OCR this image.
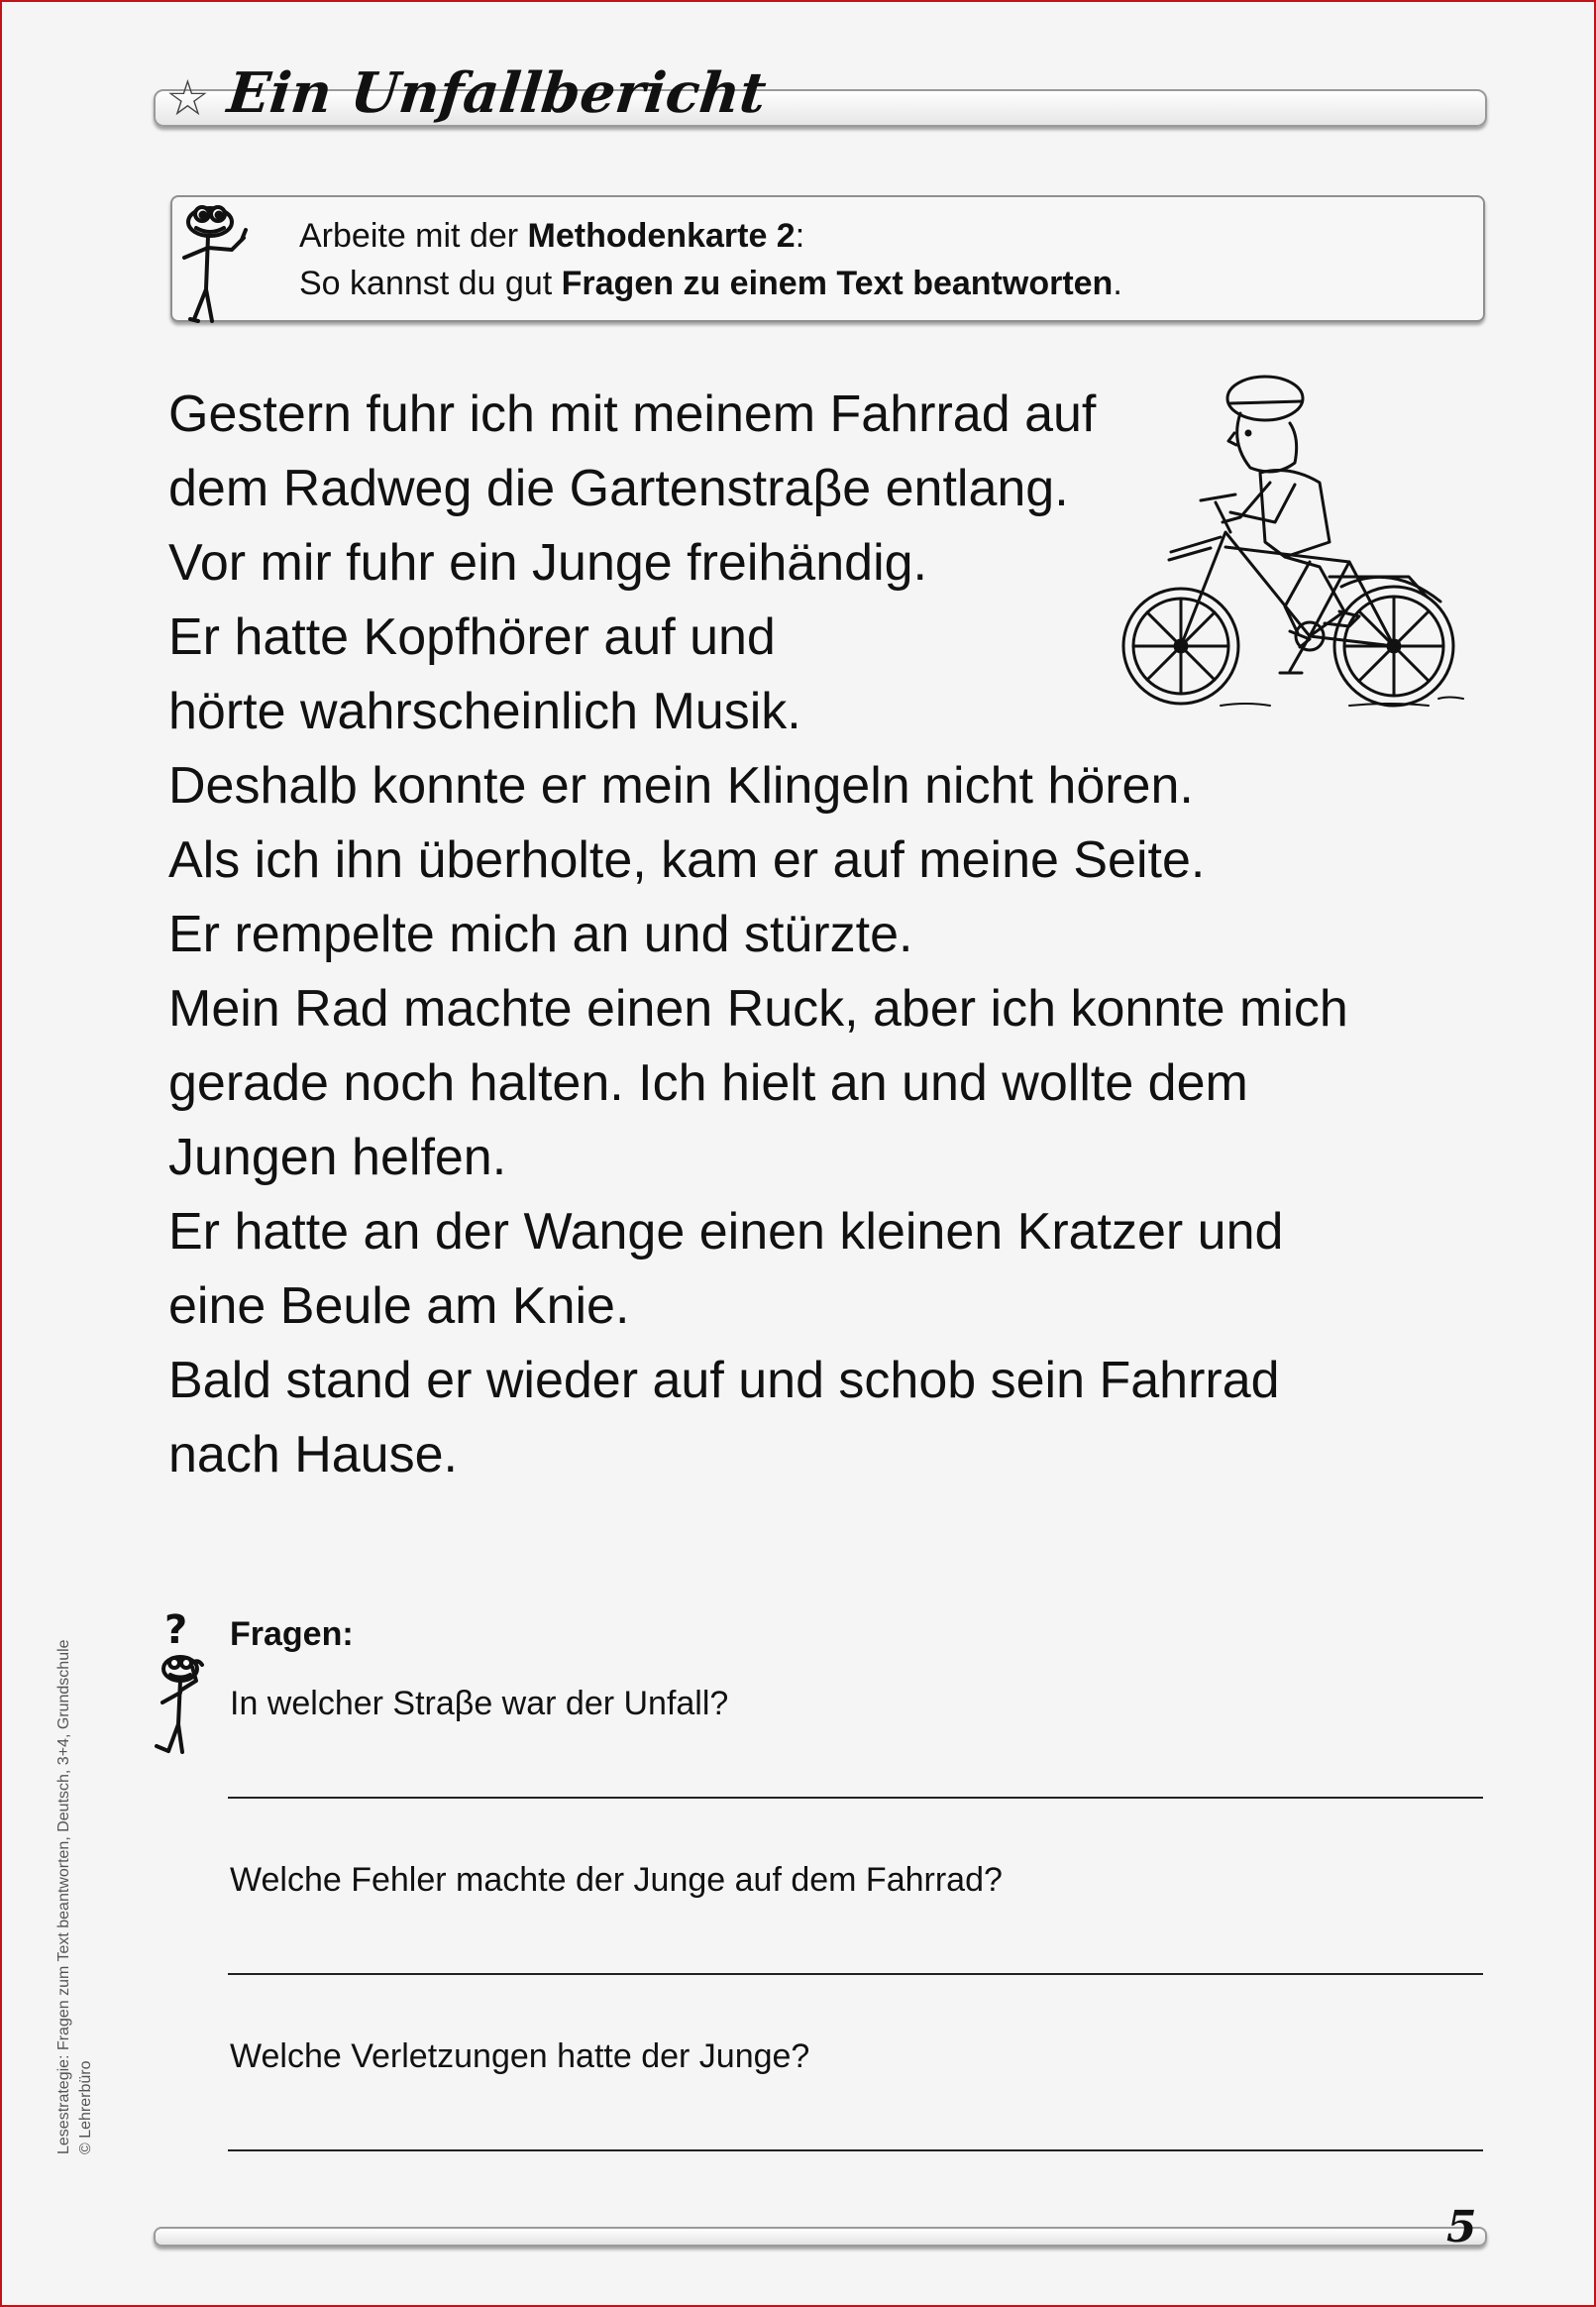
☆ Ein Unfallbericht
Arbeite mit der Methodenkarte 2:
So kannst du gut Fragen zu einem Text beantworten.
Gestern fuhr ich mit meinem Fahrrad auf
dem Radweg die Gartenstraβe entlang.
Vor mir fuhr ein Junge freihändig.
Er hatte Kopfhörer auf und
hörte wahrscheinlich Musik.
Deshalb konnte er mein Klingeln nicht hören.
Als ich ihn überholte, kam er auf meine Seite.
Er rempelte mich an und stürzte.
Mein Rad machte einen Ruck, aber ich konnte mich
gerade noch halten. Ich hielt an und wollte dem
Jungen helfen.
Er hatte an der Wange einen kleinen Kratzer und
eine Beule am Knie.
Bald stand er wieder auf und schob sein Fahrrad
nach Hause.
? Fragen:
In welcher Straβe war der Unfall?
Welche Fehler machte der Junge auf dem Fahrrad?
Welche Verletzungen hatte der Junge?
Lesestrategie: Fragen zum Text beantworten, Deutsch, 3+4, Grundschule © Lehrerbüro
5
